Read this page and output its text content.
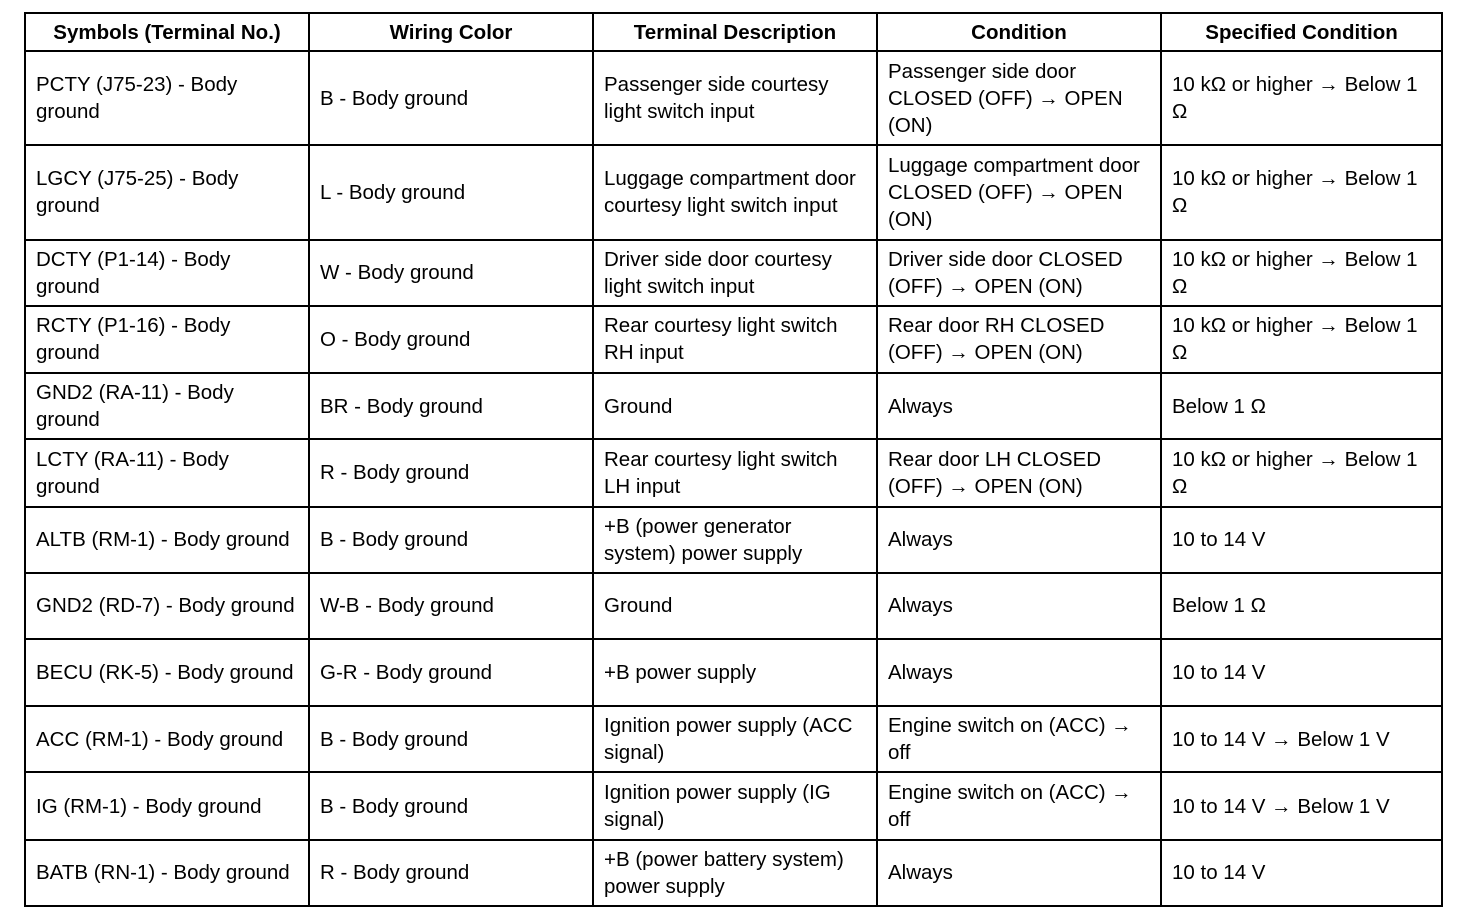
Symbols (Terminal No.)	Wiring Color	Terminal Description	Condition	Specified Condition
PCTY (J75-23) - Body ground	B - Body ground	Passenger side courtesy light switch input	Passenger side door CLOSED (OFF) → OPEN (ON)	10 kΩ or higher → Below 1 Ω
LGCY (J75-25) - Body ground	L - Body ground	Luggage compartment door courtesy light switch input	Luggage compartment door CLOSED (OFF) → OPEN (ON)	10 kΩ or higher → Below 1 Ω
DCTY (P1-14) - Body ground	W - Body ground	Driver side door courtesy light switch input	Driver side door CLOSED (OFF) → OPEN (ON)	10 kΩ or higher → Below 1 Ω
RCTY (P1-16) - Body ground	O - Body ground	Rear courtesy light switch RH input	Rear door RH CLOSED (OFF) → OPEN (ON)	10 kΩ or higher → Below 1 Ω
GND2 (RA-11) - Body ground	BR - Body ground	Ground	Always	Below 1 Ω
LCTY (RA-11) - Body ground	R - Body ground	Rear courtesy light switch LH input	Rear door LH CLOSED (OFF) → OPEN (ON)	10 kΩ or higher → Below 1 Ω
ALTB (RM-1) - Body ground	B - Body ground	+B (power generator system) power supply	Always	10 to 14 V
GND2 (RD-7) - Body ground	W-B - Body ground	Ground	Always	Below 1 Ω
BECU (RK-5) - Body ground	G-R - Body ground	+B power supply	Always	10 to 14 V
ACC (RM-1) - Body ground	B - Body ground	Ignition power supply (ACC signal)	Engine switch on (ACC) → off	10 to 14 V → Below 1 V
IG (RM-1) - Body ground	B - Body ground	Ignition power supply (IG signal)	Engine switch on (ACC) → off	10 to 14 V → Below 1 V
BATB (RN-1) - Body ground	R - Body ground	+B (power battery system) power supply	Always	10 to 14 V
